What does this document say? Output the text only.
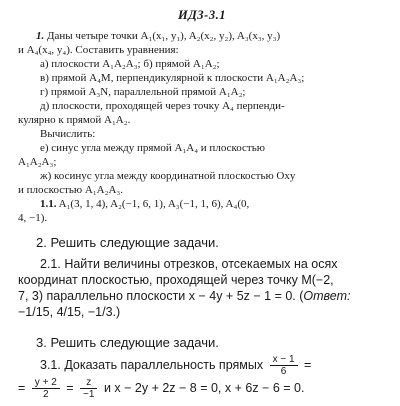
ИДЗ-3.1
1. Даны четыре точки A₁(x₁, y₁), A₂(x₂, y₂), A₃(x₃, y₃)
и A₄(x₄, y₄). Составить уравнения:
а) плоскости A₁A₂A₃; б) прямой A₁A₂;
в) прямой A₄M, перпендикулярной к плоскости A₁A₂A₃;
г) прямой A₃N, параллельной прямой A₁A₂;
д) плоскости, проходящей через точку A₄ перпенди-
кулярно к прямой A₁A₂.
Вычислить:
е) синус угла между прямой A₁A₄ и плоскостью
A₁A₂A₃;
ж) косинус угла между координатной плоскостью Oxy
и плоскостью A₁A₂A₃.
1.1. A₁(3, 1, 4), A₂(−1, 6, 1), A₃(−1, 1, 6), A₄(0,
4, −1).
2. Решить следующие задачи.
2.1. Найти величины отрезков, отсекаемых на осях
координат плоскостью, проходящей через точку M(−2,
7, 3) параллельно плоскости x − 4y + 5z − 1 = 0. (Ответ:
−1/15, 4/15, −1/3.)
3. Решить следующие задачи.
3.1. Доказать параллельность прямых $\frac{x - 1}{6}$ =
= $\frac{y + 2}{2} = \frac{z}{-1}$ и x − 2y + 2z − 8 = 0, x + 6z − 6 = 0.
